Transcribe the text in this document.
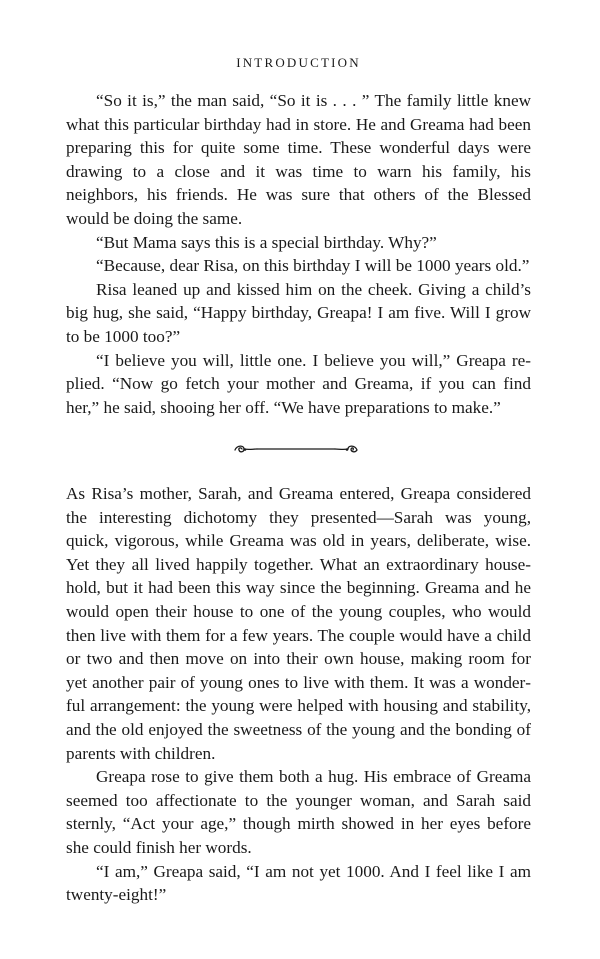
INTRODUCTION

“So it is,” the man said, “So it is . . . ” The family little knew what this particular birthday had in store. He and Greama had been preparing this for quite some time. These wonderful days were drawing to a close and it was time to warn his family, his neighbors, his friends. He was sure that others of the Blessed would be doing the same.

“But Mama says this is a special birthday. Why?”

“Because, dear Risa, on this birthday I will be 1000 years old.”

Risa leaned up and kissed him on the cheek. Giving a child’s big hug, she said, “Happy birthday, Greapa! I am five. Will I grow to be 1000 too?”

“I believe you will, little one. I believe you will,” Greapa replied. “Now go fetch your mother and Greama, if you can find her,” he said, shooing her off. “We have preparations to make.”

As Risa’s mother, Sarah, and Greama entered, Greapa considered the interesting dichotomy they presented—Sarah was young, quick, vigorous, while Greama was old in years, deliberate, wise. Yet they all lived happily together. What an extraordinary household, but it had been this way since the beginning. Greama and he would open their house to one of the young couples, who would then live with them for a few years. The couple would have a child or two and then move on into their own house, making room for yet another pair of young ones to live with them. It was a wonderful arrangement: the young were helped with housing and stability, and the old enjoyed the sweetness of the young and the bonding of parents with children.

Greapa rose to give them both a hug. His embrace of Greama seemed too affectionate to the younger woman, and Sarah said sternly, “Act your age,” though mirth showed in her eyes before she could finish her words.

“I am,” Greapa said, “I am not yet 1000. And I feel like I am twenty-eight!”
